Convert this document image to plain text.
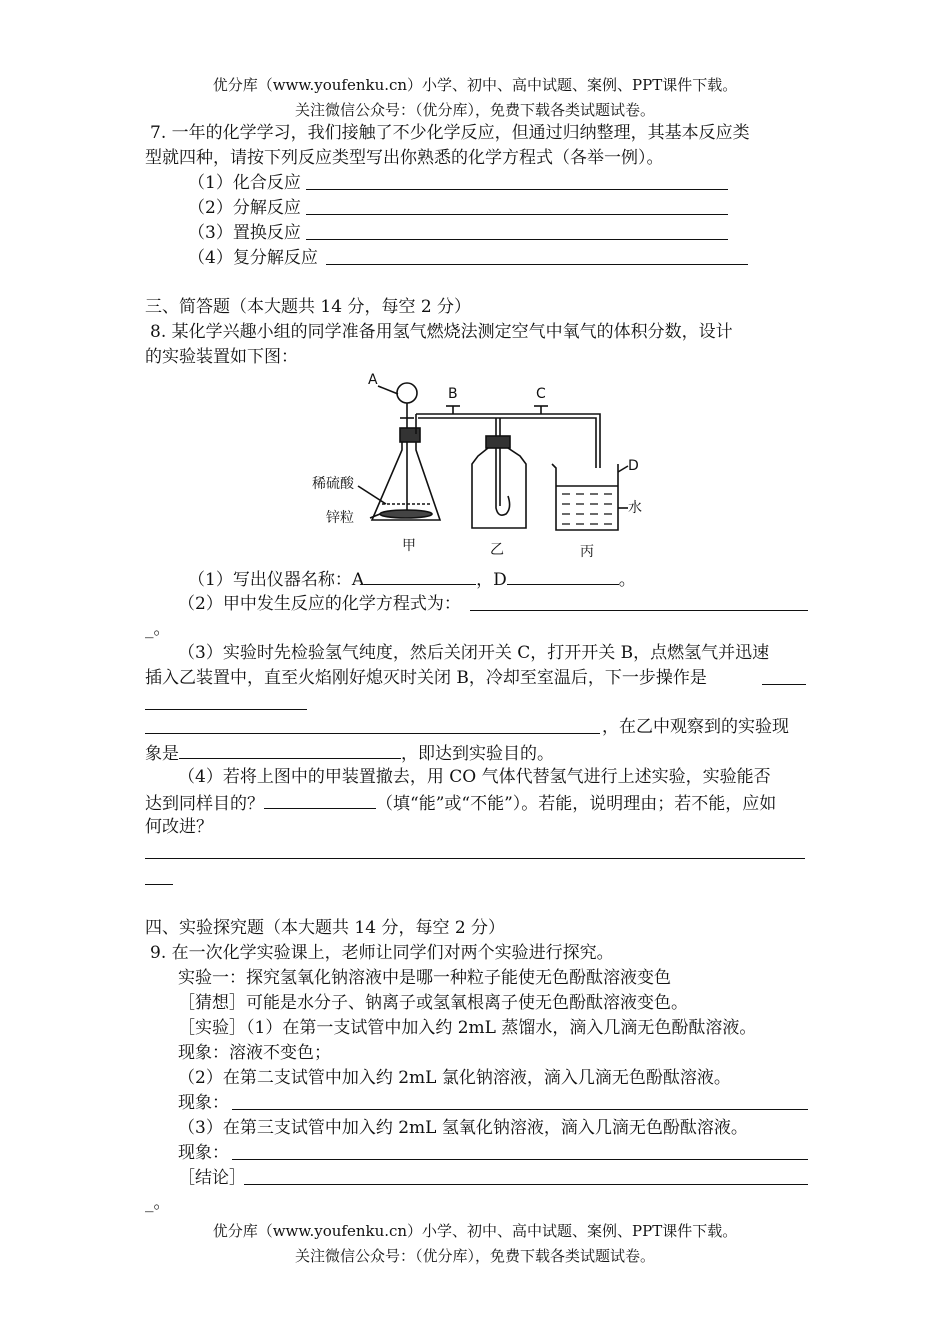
优分库（www.youfenku.cn）小学、初中、高中试题、案例、PPT课件下载。
关注微信公众号：（优分库），免费下载各类试题试卷。
7. 一年的化学学习，我们接触了不少化学反应，但通过归纳整理，其基本反应类
型就四种，请按下列反应类型写出你熟悉的化学方程式（各举一例）。
（1）化合反应
（2）分解反应
（3）置换反应
（4）复分解反应
三、简答题（本大题共 14 分，每空 2 分）
8. 某化学兴趣小组的同学准备用氢气燃烧法测定空气中氧气的体积分数，设计
的实验装置如下图：
A
B	C
D
稀硫酸
锌粒
水
甲	乙	丙
（1）写出仪器名称：A	，D	。
（2）甲中发生反应的化学方程式为：
_。
（3）实验时先检验氢气纯度，然后关闭开关 C，打开开关 B，点燃氢气并迅速
插入乙装置中，直至火焰刚好熄灭时关闭 B，冷却至室温后，下一步操作是
，在乙中观察到的实验现
象是	，即达到实验目的。
（4）若将上图中的甲装置撤去，用 CO 气体代替氢气进行上述实验，实验能否
达到同样目的？	（填“能”或“不能”）。若能，说明理由；若不能，应如
何改进？
四、实验探究题（本大题共 14 分，每空 2 分）
9. 在一次化学实验课上，老师让同学们对两个实验进行探究。
实验一：探究氢氧化钠溶液中是哪一种粒子能使无色酚酞溶液变色
［猜想］可能是水分子、钠离子或氢氧根离子使无色酚酞溶液变色。
［实验］（1）在第一支试管中加入约 2mL 蒸馏水，滴入几滴无色酚酞溶液。
现象：溶液不变色；
（2）在第二支试管中加入约 2mL 氯化钠溶液，滴入几滴无色酚酞溶液。
现象：
（3）在第三支试管中加入约 2mL 氢氧化钠溶液，滴入几滴无色酚酞溶液。
现象：
［结论］
_。
优分库（www.youfenku.cn）小学、初中、高中试题、案例、PPT课件下载。
关注微信公众号：（优分库），免费下载各类试题试卷。
